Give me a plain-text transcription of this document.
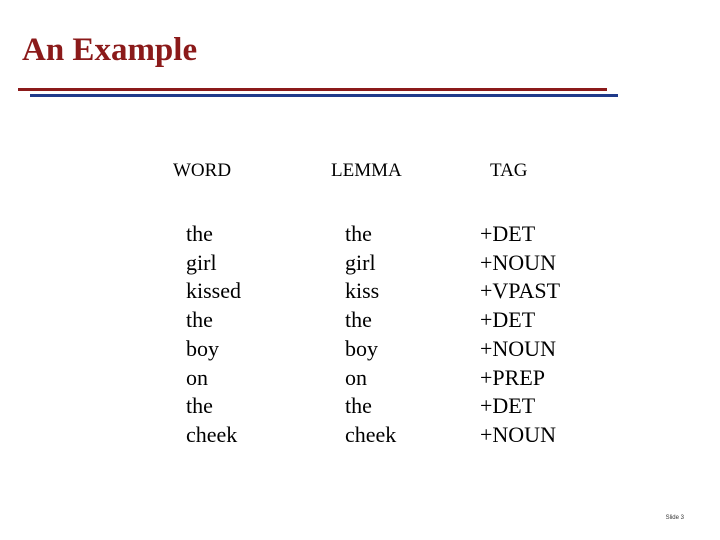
An Example
WORD	LEMMA	TAG
the
girl
kissed
the
boy
on
the
cheek
the
girl
kiss
the
boy
on
the
cheek
+DET
+NOUN
+VPAST
+DET
+NOUN
+PREP
+DET
+NOUN
Slide 3
